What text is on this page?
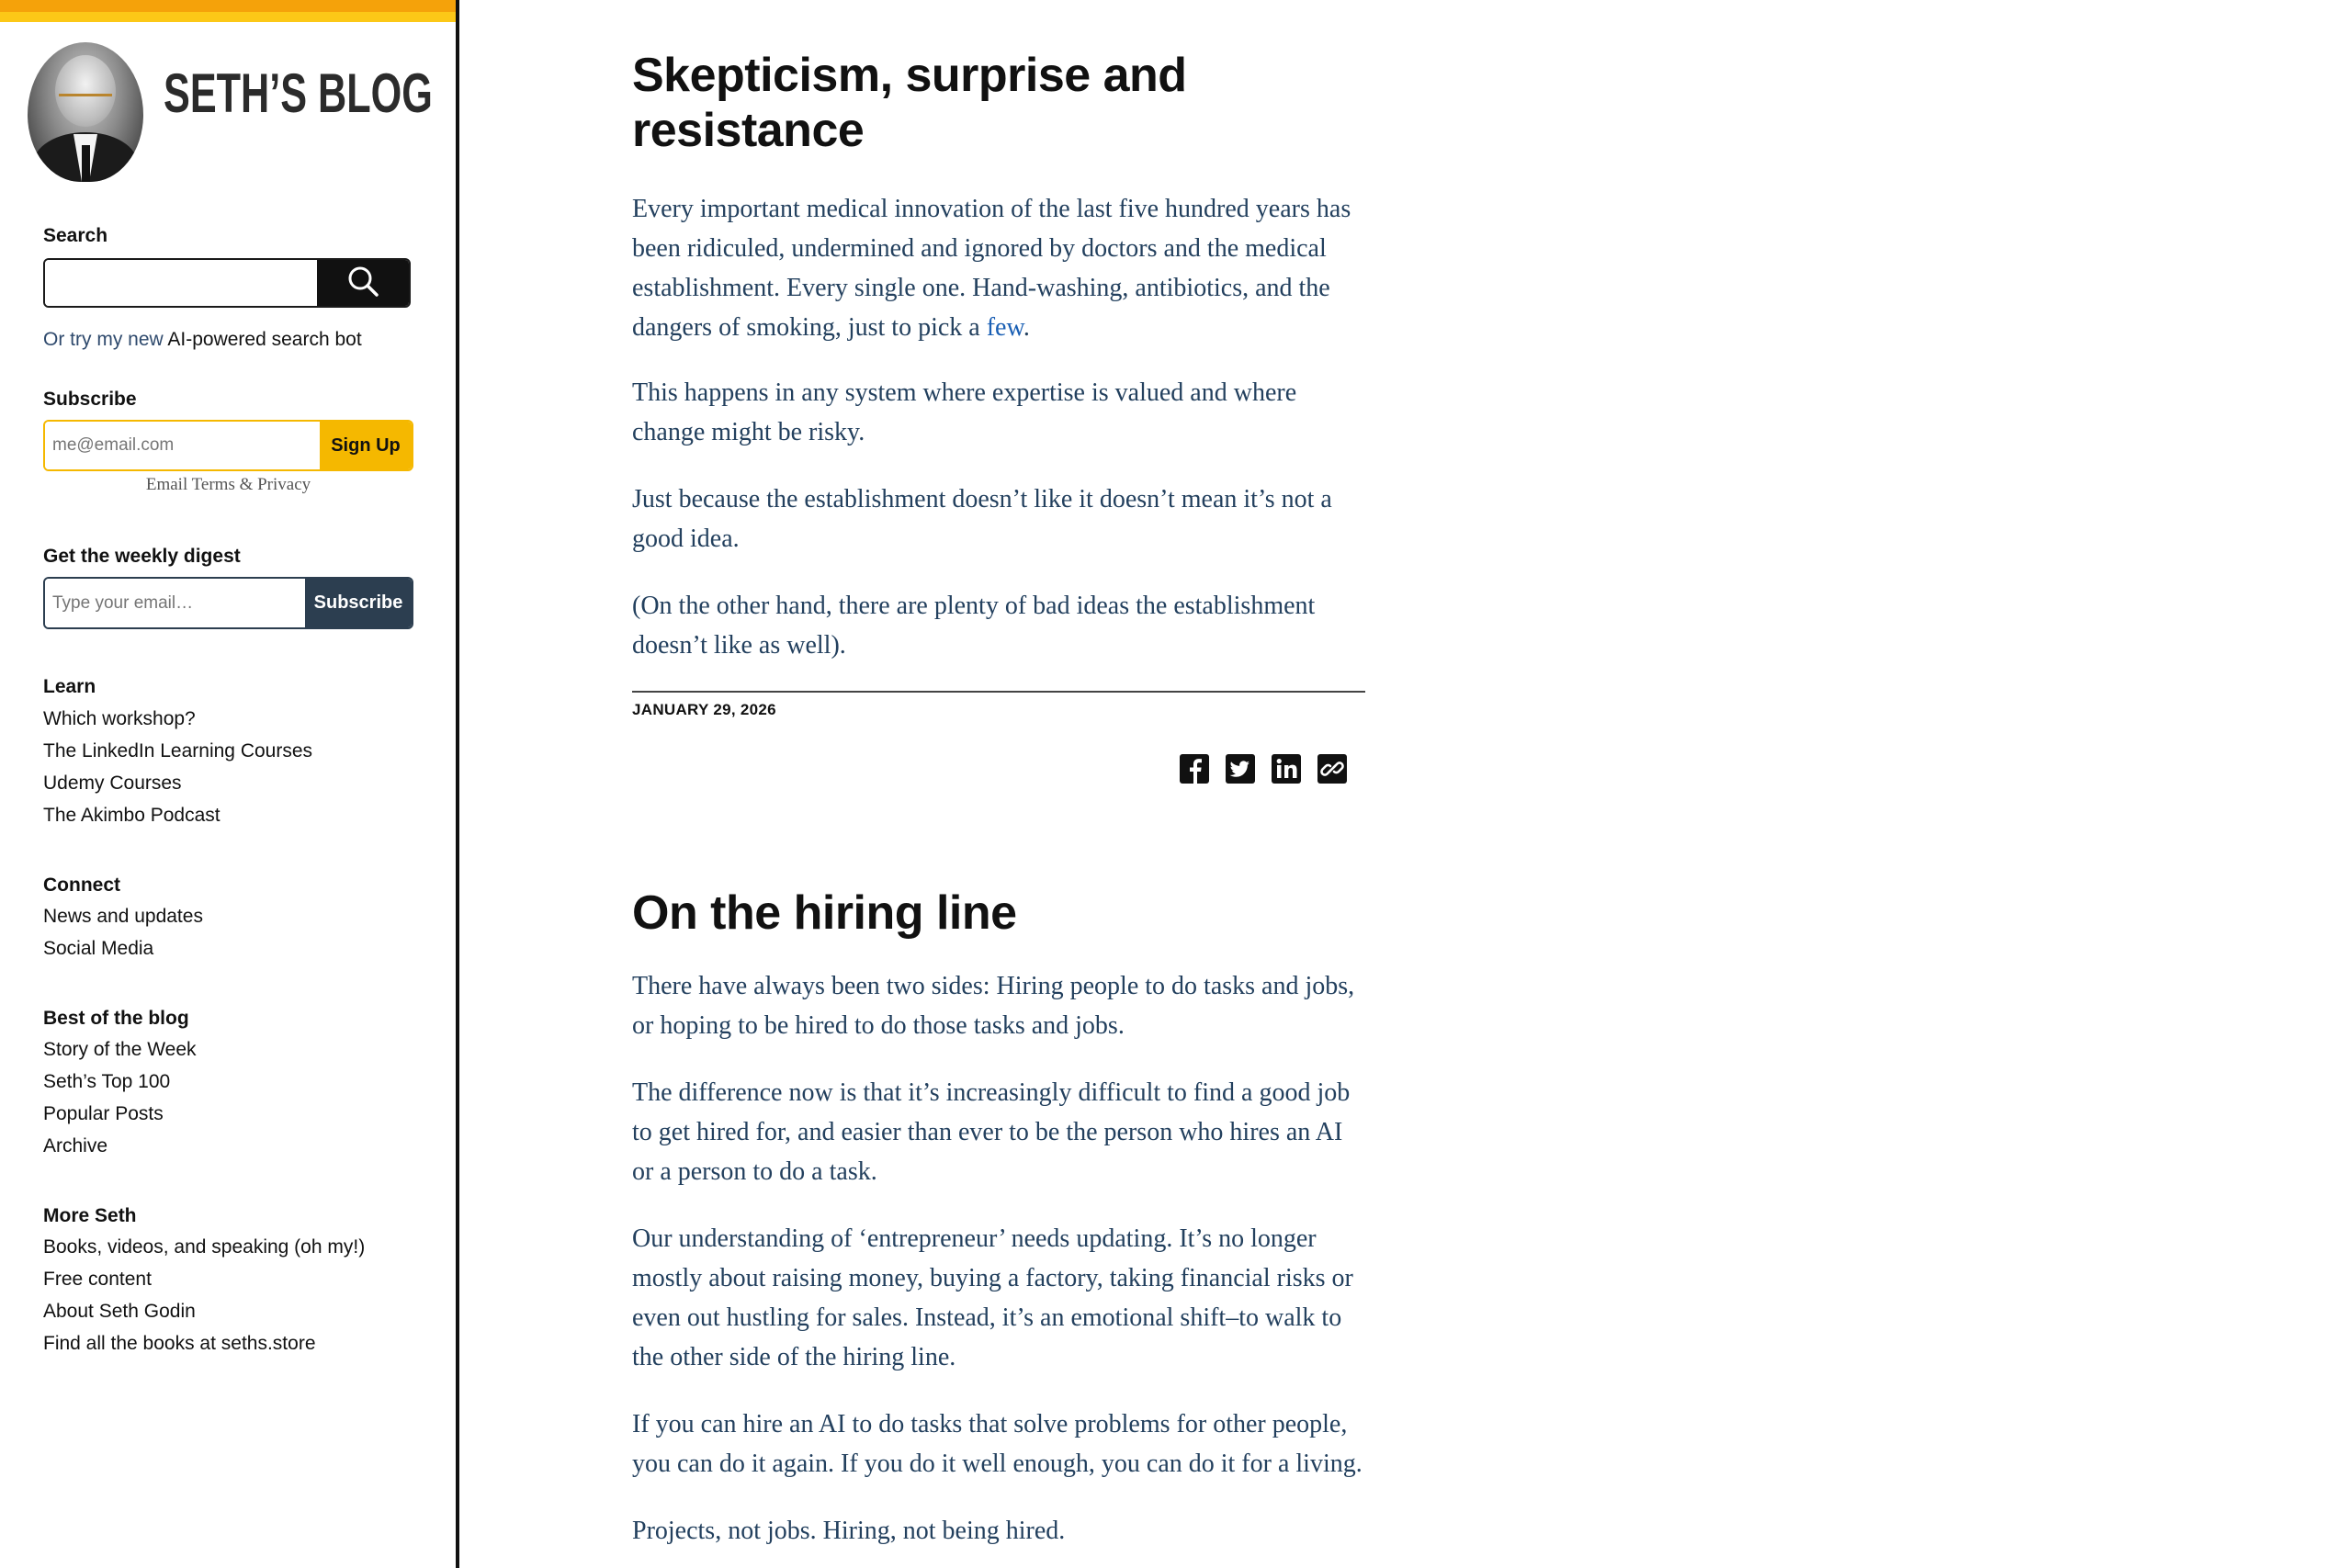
SETH’S BLOG
Search
Or try my new AI-powered search bot
Subscribe
me@email.com
Sign Up
Email Terms & Privacy
Get the weekly digest
Type your email…
Subscribe
Learn
Which workshop?
The LinkedIn Learning Courses
Udemy Courses
The Akimbo Podcast
Connect
News and updates
Social Media
Best of the blog
Story of the Week
Seth’s Top 100
Popular Posts
Archive
More Seth
Books, videos, and speaking (oh my!)
Free content
About Seth Godin
Find all the books at seths.store
Skepticism, surprise and
resistance

Every important medical innovation of the last five hundred years has been ridiculed, undermined and ignored by doctors and the medical establishment. Every single one. Hand-washing, antibiotics, and the dangers of smoking, just to pick a few.

This happens in any system where expertise is valued and where change might be risky.

Just because the establishment doesn’t like it doesn’t mean it’s not a good idea.

(On the other hand, there are plenty of bad ideas the establishment doesn’t like as well).

JANUARY 29, 2026
On the hiring line

There have always been two sides: Hiring people to do tasks and jobs, or hoping to be hired to do those tasks and jobs.

The difference now is that it’s increasingly difficult to find a good job to get hired for, and easier than ever to be the person who hires an AI or a person to do a task.

Our understanding of ‘entrepreneur’ needs updating. It’s no longer mostly about raising money, buying a factory, taking financial risks or even out hustling for sales. Instead, it’s an emotional shift–to walk to the other side of the hiring line.

If you can hire an AI to do tasks that solve problems for other people, you can do it again. If you do it well enough, you can do it for a living.

Projects, not jobs. Hiring, not being hired.
